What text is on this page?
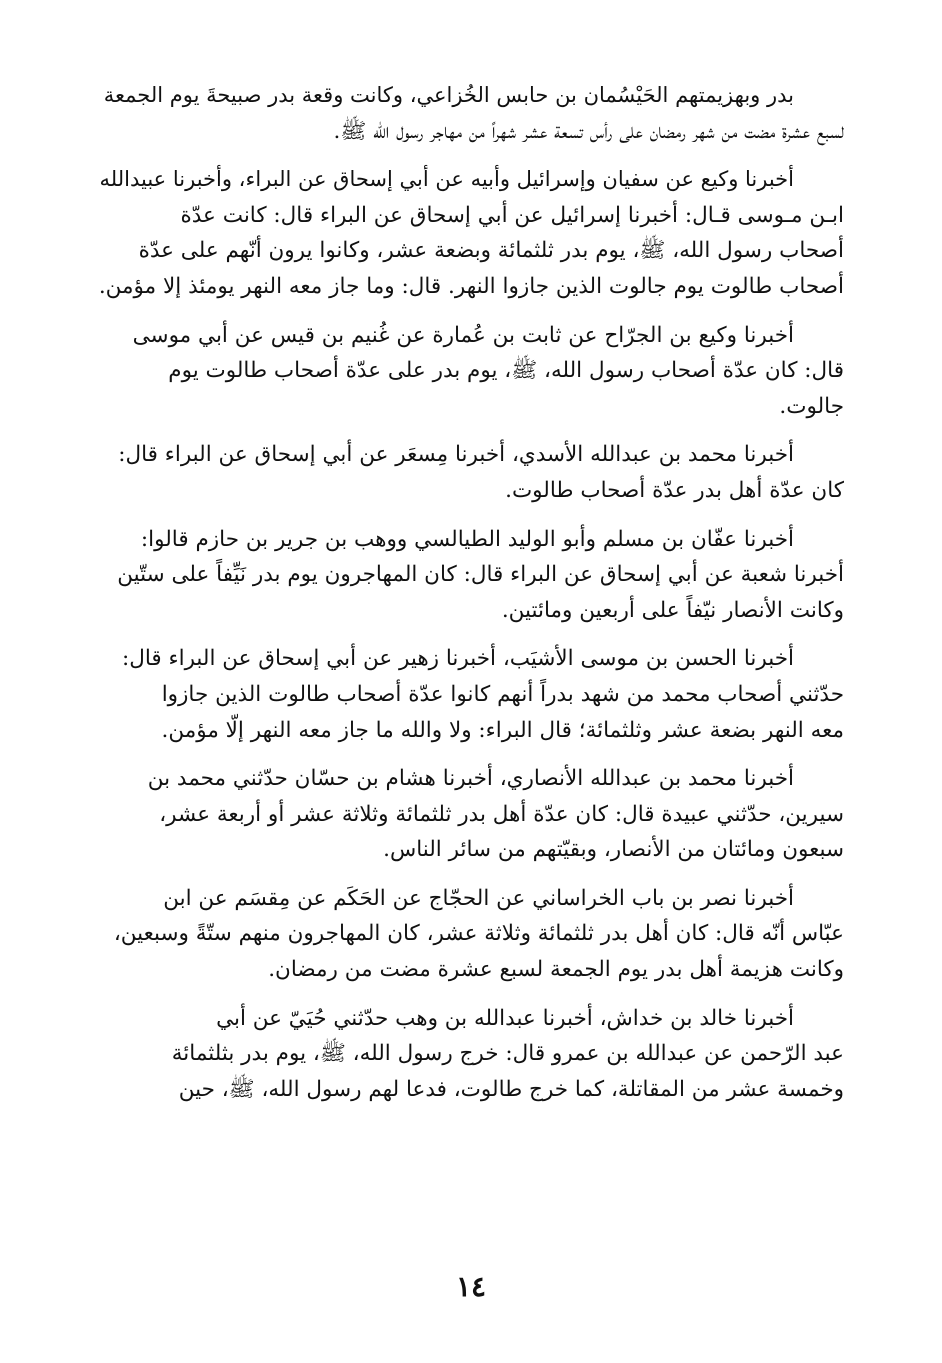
بدر وبهزيمتهم الحَيْسُمان بن حابس الخُزاعي، وكانت وقعة بدر صبيحةَ يوم الجمعة
لسبع عشرة مضت من شهر رمضان على رأس تسعة عشر شهراً من مهاجر رسول الله ﷺ.

أخبرنا وكيع عن سفيان وإسرائيل وأبيه عن أبي إسحاق عن البراء، وأخبرنا عبيدالله
ابـن مـوسى قـال: أخبرنا إسرائيل عن أبي إسحاق عن البراء قال: كانت عدّة
أصحاب رسول الله، ﷺ، يوم بدر ثلثمائة وبضعة عشر، وكانوا يرون أنّهم على عدّة
أصحاب طالوت يوم جالوت الذين جازوا النهر. قال: وما جاز معه النهر يومئذ إلا مؤمن.

أخبرنا وكيع بن الجرّاح عن ثابت بن عُمارة عن غُنيم بن قيس عن أبي موسى
قال: كان عدّة أصحاب رسول الله، ﷺ، يوم بدر على عدّة أصحاب طالوت يوم
جالوت.

أخبرنا محمد بن عبدالله الأسدي، أخبرنا مِسعَر عن أبي إسحاق عن البراء قال:
كان عدّة أهل بدر عدّة أصحاب طالوت.

أخبرنا عفّان بن مسلم وأبو الوليد الطيالسي ووهب بن جرير بن حازم قالوا:
أخبرنا شعبة عن أبي إسحاق عن البراء قال: كان المهاجرون يوم بدر نَيِّفاً على ستّين
وكانت الأنصار نيّفاً على أربعين ومائتين.

أخبرنا الحسن بن موسى الأشيَب، أخبرنا زهير عن أبي إسحاق عن البراء قال:
حدّثني أصحاب محمد من شهد بدراً أنهم كانوا عدّة أصحاب طالوت الذين جازوا
معه النهر بضعة عشر وثلثمائة؛ قال البراء: ولا والله ما جاز معه النهر إلّا مؤمن.

أخبرنا محمد بن عبدالله الأنصاري، أخبرنا هشام بن حسّان حدّثني محمد بن
سيرين، حدّثني عبيدة قال: كان عدّة أهل بدر ثلثمائة وثلاثة عشر أو أربعة عشر،
سبعون ومائتان من الأنصار، وبقيّتهم من سائر الناس.

أخبرنا نصر بن باب الخراساني عن الحجّاج عن الحَكَم عن مِقسَم عن ابن
عبّاس أنّه قال: كان أهل بدر ثلثمائة وثلاثة عشر، كان المهاجرون منهم ستّةً وسبعين،
وكانت هزيمة أهل بدر يوم الجمعة لسبع عشرة مضت من رمضان.

أخبرنا خالد بن خداش، أخبرنا عبدالله بن وهب حدّثني حُيَيّ عن أبي
عبد الرّحمن عن عبدالله بن عمرو قال: خرج رسول الله، ﷺ، يوم بدر بثلثمائة
وخمسة عشر من المقاتلة، كما خرج طالوت، فدعا لهم رسول الله، ﷺ، حين

١٤
